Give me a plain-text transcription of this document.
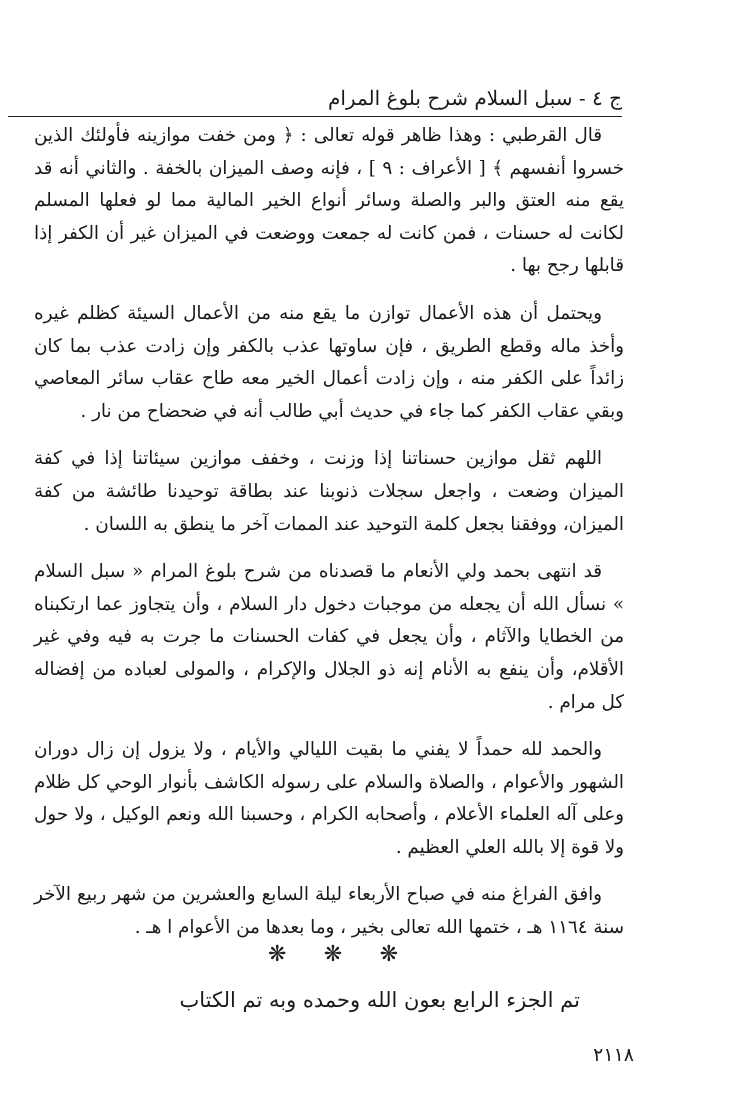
ج ٤ - سبل السلام شرح بلوغ المرام

قال القرطبي : وهذا ظاهر قوله تعالى : ﴿ ومن خفت موازينه فأولئك الذين خسروا أنفسهم ﴾ [ الأعراف : ٩ ] ، فإنه وصف الميزان بالخفة . والثاني أنه قد يقع منه العتق والبر والصلة وسائر أنواع الخير المالية مما لو فعلها المسلم لكانت له حسنات ، فمن كانت له جمعت ووضعت في الميزان غير أن الكفر إذا قابلها رجح بها .

ويحتمل أن هذه الأعمال توازن ما يقع منه من الأعمال السيئة كظلم غيره وأخذ ماله وقطع الطريق ، فإن ساوتها عذب بالكفر وإن زادت عذب بما كان زائداً على الكفر منه ، وإن زادت أعمال الخير معه طاح عقاب سائر المعاصي وبقي عقاب الكفر كما جاء في حديث أبي طالب أنه في ضحضاح من نار .

اللهم ثقل موازين حسناتنا إذا وزنت ، وخفف موازين سيئاتنا إذا في كفة الميزان وضعت ، واجعل سجلات ذنوبنا عند بطاقة توحيدنا طائشة من كفة الميزان، ووفقنا بجعل كلمة التوحيد عند الممات آخر ما ينطق به اللسان .

قد انتهى بحمد ولي الأنعام ما قصدناه من شرح بلوغ المرام « سبل السلام » نسأل الله أن يجعله من موجبات دخول دار السلام ، وأن يتجاوز عما ارتكبناه من الخطايا والآثام ، وأن يجعل في كفات الحسنات ما جرت به فيه وفي غير الأقلام، وأن ينفع به الأنام إنه ذو الجلال والإكرام ، والمولى لعباده من إفضاله كل مرام .

والحمد لله حمداً لا يفني ما بقيت الليالي والأيام ، ولا يزول إن زال دوران الشهور والأعوام ، والصلاة والسلام على رسوله الكاشف بأنوار الوحي كل ظلام وعلى آله العلماء الأعلام ، وأصحابه الكرام ، وحسبنا الله ونعم الوكيل ، ولا حول ولا قوة إلا بالله العلي العظيم .

وافق الفراغ منه في صباح الأربعاء ليلة السابع والعشرين من شهر ربيع الآخر سنة ١١٦٤ هـ ، ختمها الله تعالى بخير ، وما بعدها من الأعوام ا هـ .

❋ ❋ ❋
تم الجزء الرابع بعون الله وحمده وبه تم الكتاب
٢١١٨
